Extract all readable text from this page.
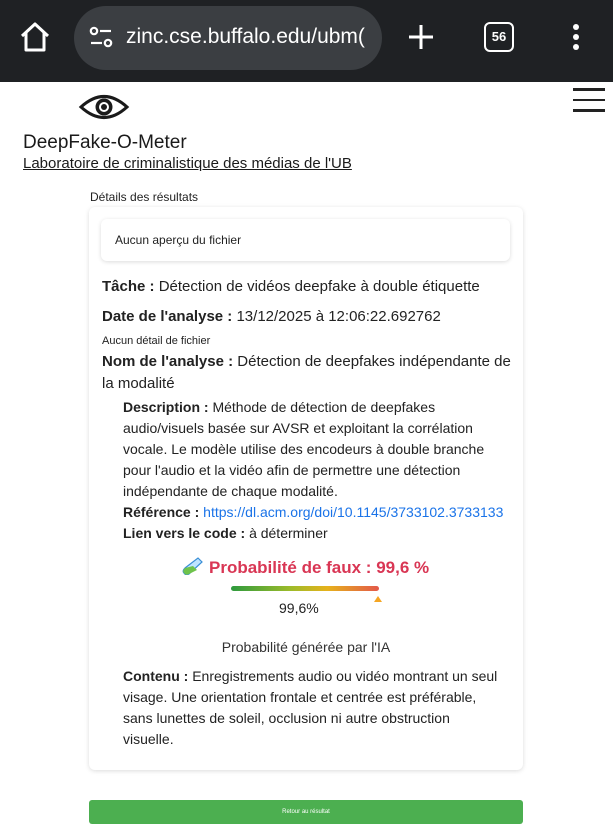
zinc.cse.buffalo.edu/ubm(	56
DeepFake-O-Meter
Laboratoire de criminalistique des médias de l'UB
Détails des résultats
Aucun aperçu du fichier
Tâche : Détection de vidéos deepfake à double étiquette
Date de l'analyse : 13/12/2025 à 12:06:22.692762
Aucun détail de fichier
Nom de l'analyse : Détection de deepfakes indépendante de
la modalité
Description : Méthode de détection de deepfakes
audio/visuels basée sur AVSR et exploitant la corrélation
vocale. Le modèle utilise des encodeurs à double branche
pour l'audio et la vidéo afin de permettre une détection
indépendante de chaque modalité.
Référence : https://dl.acm.org/doi/10.1145/3733102.3733133
Lien vers le code : à déterminer
Probabilité de faux : 99,6 %
99,6%
Probabilité générée par l'IA
Contenu : Enregistrements audio ou vidéo montrant un seul
visage. Une orientation frontale et centrée est préférable,
sans lunettes de soleil, occlusion ni autre obstruction
visuelle.
Retour au résultat
